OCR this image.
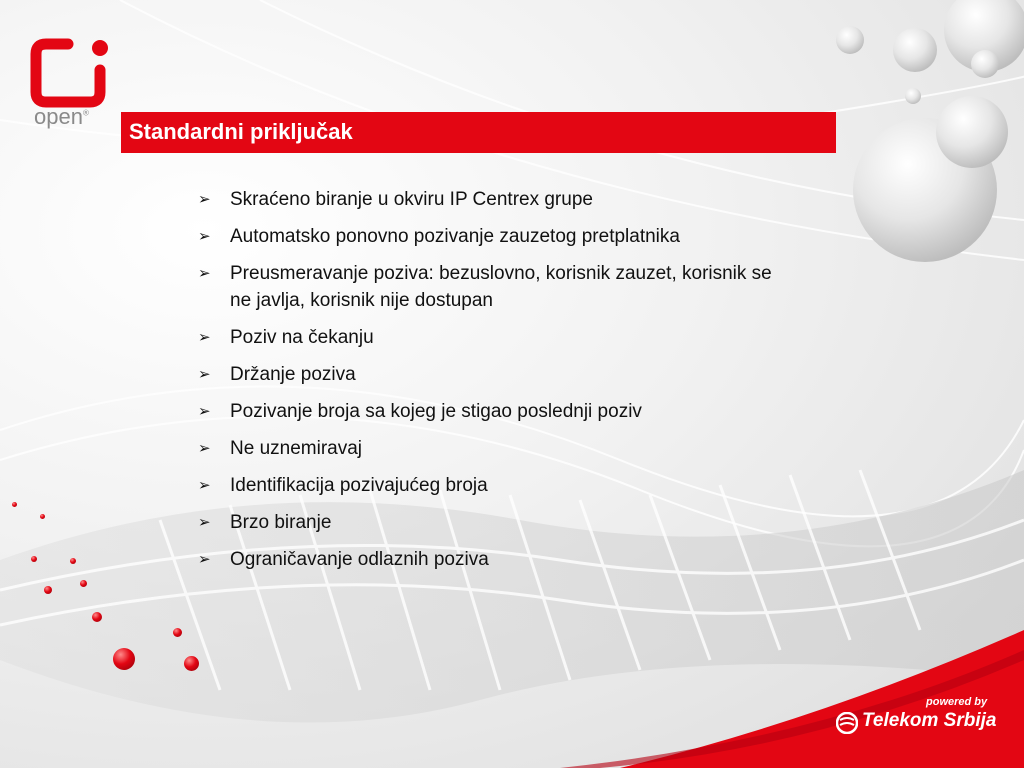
open®
Standardni priključak
➢ Skraćeno biranje u okviru IP Centrex grupe
➢ Automatsko ponovno pozivanje zauzetog pretplatnika
➢ Preusmeravanje poziva: bezuslovno, korisnik zauzet, korisnik se ne javlja, korisnik nije dostupan
➢ Poziv na čekanju
➢ Držanje poziva
➢ Pozivanje broja sa kojeg je stigao poslednji poziv
➢ Ne uznemiravaj
➢ Identifikacija pozivajućeg broja
➢ Brzo biranje
➢ Ograničavanje odlaznih poziva
powered by
Telekom Srbija
